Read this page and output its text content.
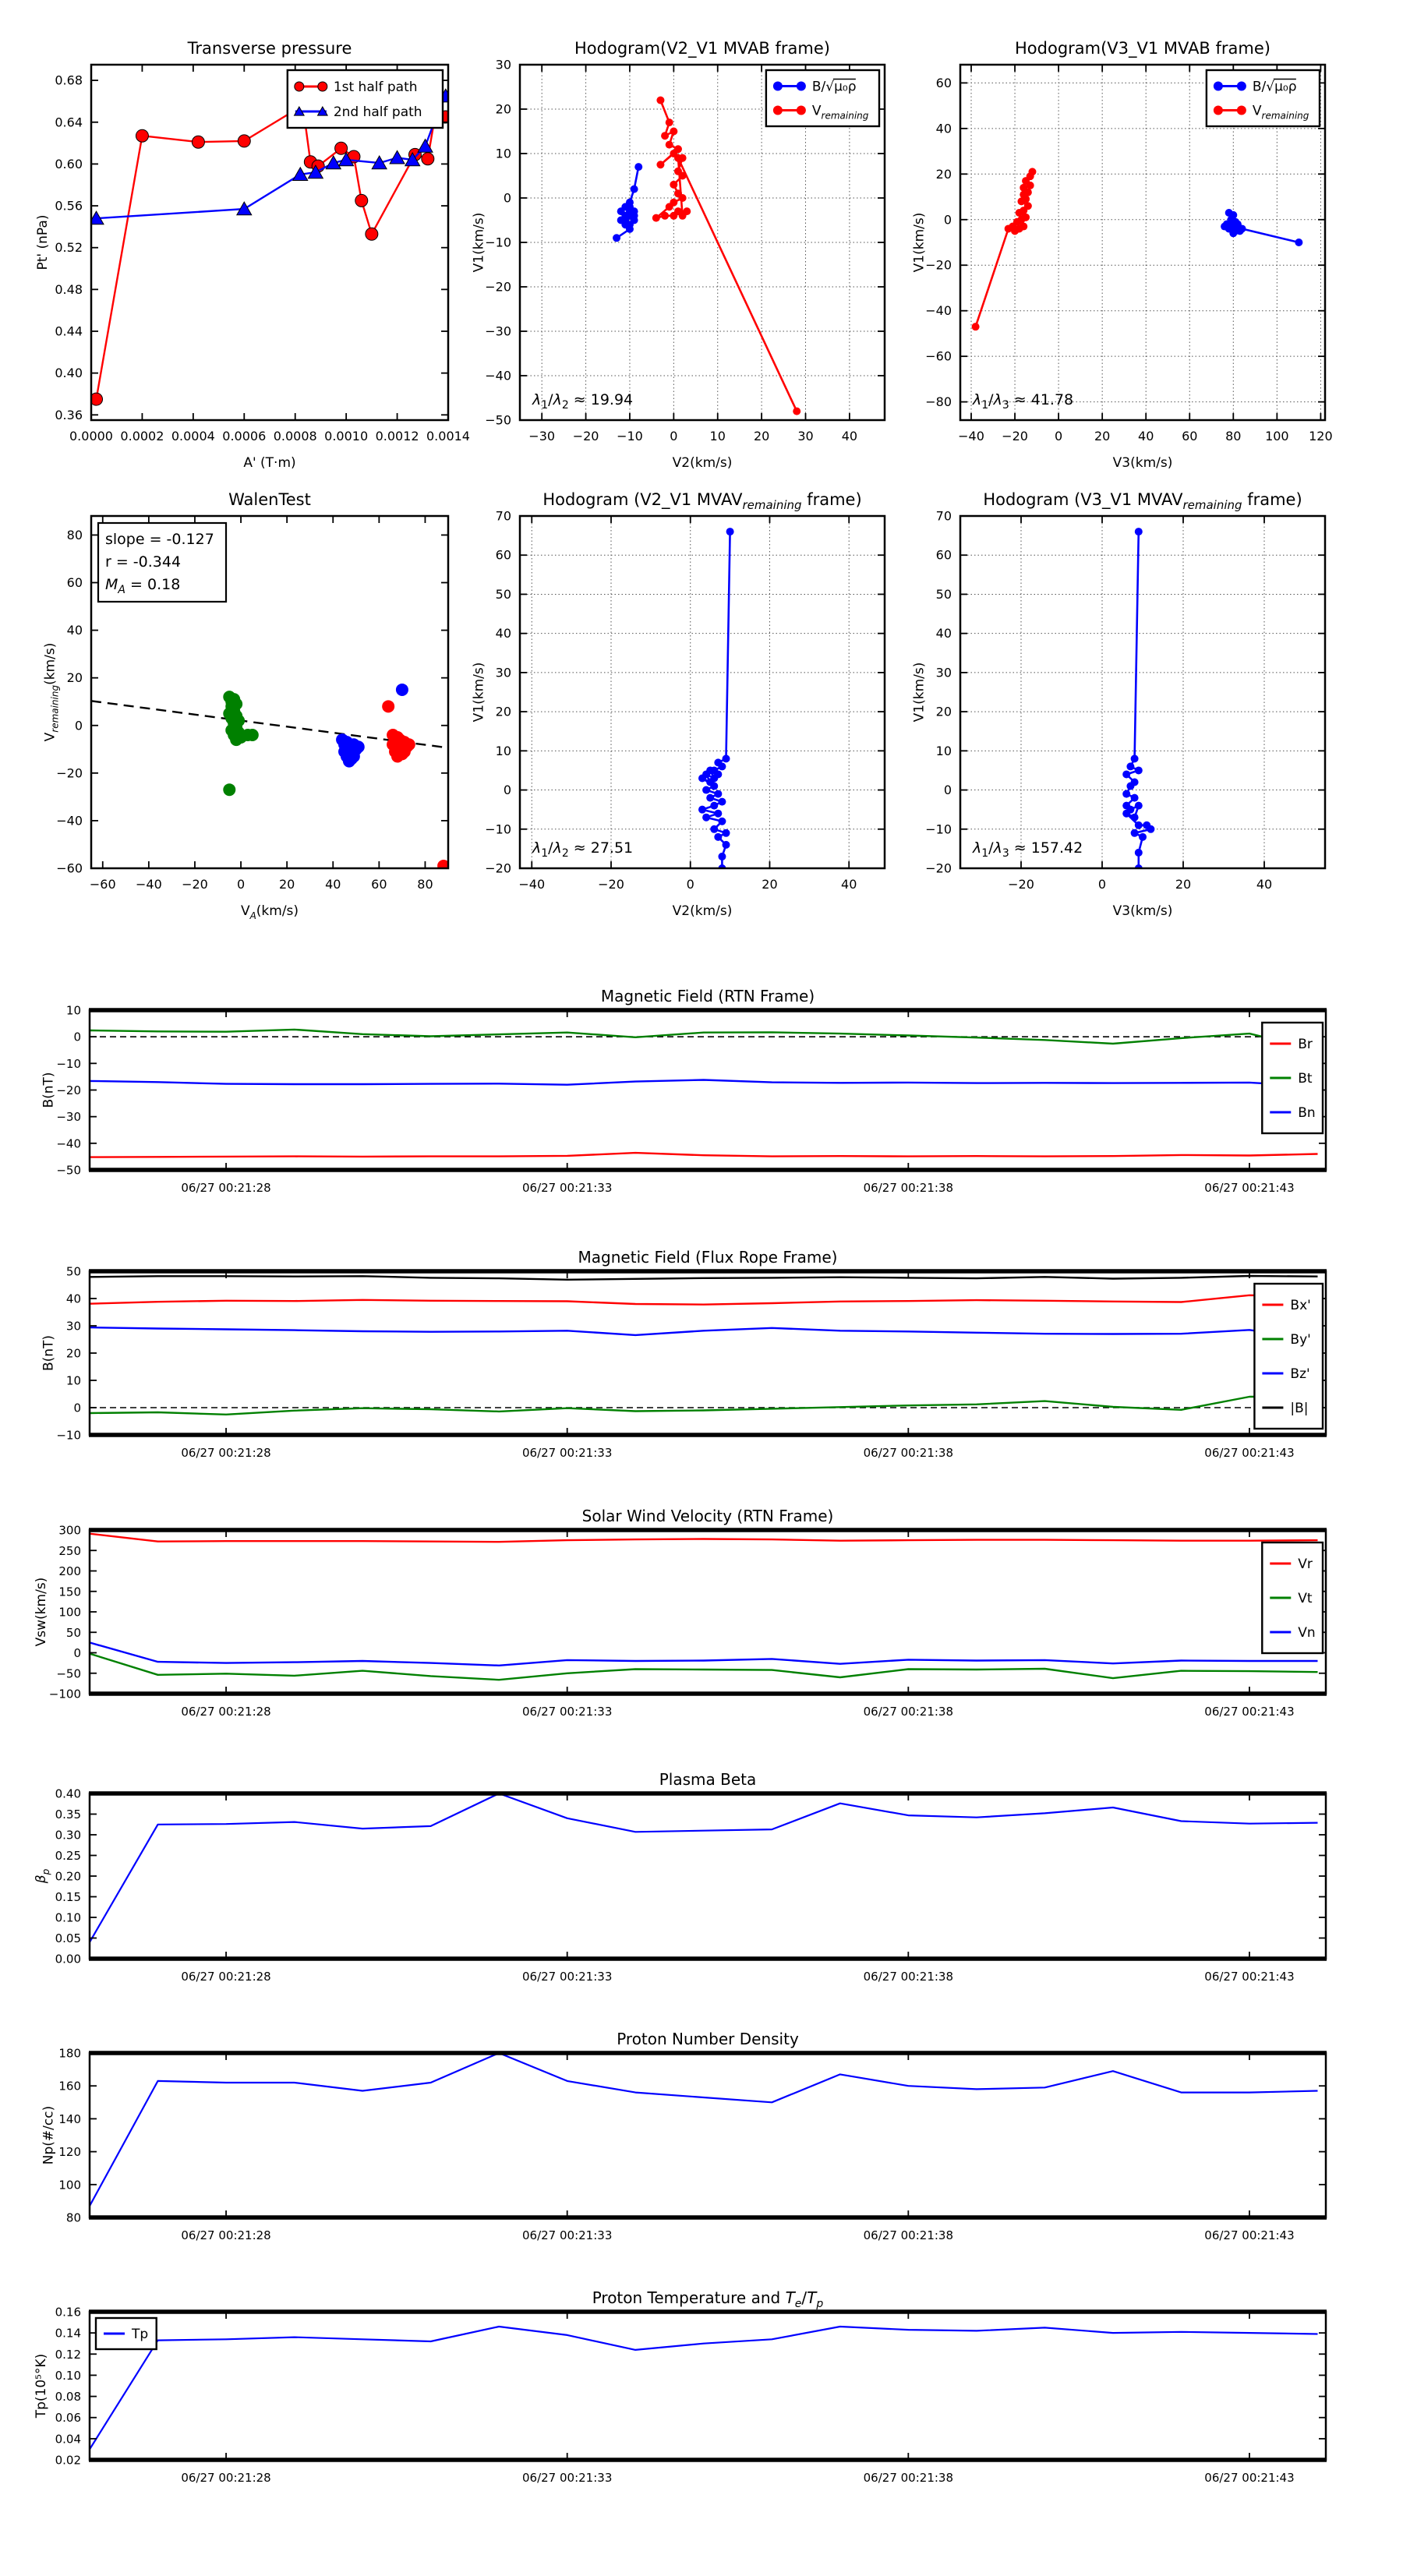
0.0000 0.0002 0.0004 0.0006 0.0008 0.0010 0.0012 0.0014
0.36
0.40
0.44
0.48
0.52
0.56
0.60
0.64
0.68
A' (T·m)
Pt' (nPa)
Transverse pressure
1st half path
2nd half path
−30 −20 −10 0	10 20 30 40
−50
−40
−30
−20
−10
0
10
20
30
V2(km/s)
V1(km/s)
Hodogram(V2_V1 MVAB frame)
$\lambda_1/\lambda_2 \approx 19.94$
B/√μ₀ρ
$V_{remaining}$
−40 −20 0	20 40 60 80 100 120
−80
−60
−40
−20
0
20
40
60
V3(km/s)
V1(km/s)
Hodogram(V3_V1 MVAB frame)
$\lambda_1/\lambda_3 \approx 41.78$
B/√μ₀ρ
$V_{remaining}$
−60 −40 −20 0	20 40 60 80
−60
−40
−20
0
20
40
60
80
$V_A(km/s)$
$V_{remaining}(km/s)$
WalenTest
slope = -0.127
r = -0.344
$M_A = 0.18$
−40	−20	0	20	40
−20
−10
0
10
20
30
40
50
60
70
V2(km/s)
V1(km/s)
Hodogram (V2_V1 $MVAV_{remaining}$ frame)
$\lambda_1/\lambda_2 \approx 27.51$
−20	0	20	40
−20
−10
0
10
20
30
40
50
60
70
V3(km/s)
V1(km/s)
Hodogram (V3_V1 $MVAV_{remaining}$ frame)
$\lambda_1/\lambda_3 \approx 157.42$
06/27 00:21:28	06/27 00:21:33	06/27 00:21:38	06/27 00:21:43
−50
−40
−30
−20
−10
0
10
B(nT)
Magnetic Field (RTN Frame)
Br
Bt
Bn
06/27 00:21:28	06/27 00:21:33	06/27 00:21:38	06/27 00:21:43
−10
0
10
20
30
40
50
B(nT)
Magnetic Field (Flux Rope Frame)
Bx'
By'
Bz'
|B|
06/27 00:21:28	06/27 00:21:33	06/27 00:21:38	06/27 00:21:43
−100
−50
0
50
100
150
200
250
300
Vsw(km/s)
Solar Wind Velocity (RTN Frame)
Vr
Vt
Vn
06/27 00:21:28	06/27 00:21:33	06/27 00:21:38	06/27 00:21:43
0.00
0.05
0.10
0.15
0.20
0.25
0.30
0.35
0.40
$\beta_p$
Plasma Beta
06/27 00:21:28	06/27 00:21:33	06/27 00:21:38	06/27 00:21:43
80
100
120
140
160
180
Np(#/cc)
Proton Number Density
06/27 00:21:28	06/27 00:21:33	06/27 00:21:38	06/27 00:21:43
0.02
0.04
0.06
0.08
0.10
0.12
0.14
0.16
Tp(10⁵°K)
Proton Temperature and $T_e/T_p$
Tp
